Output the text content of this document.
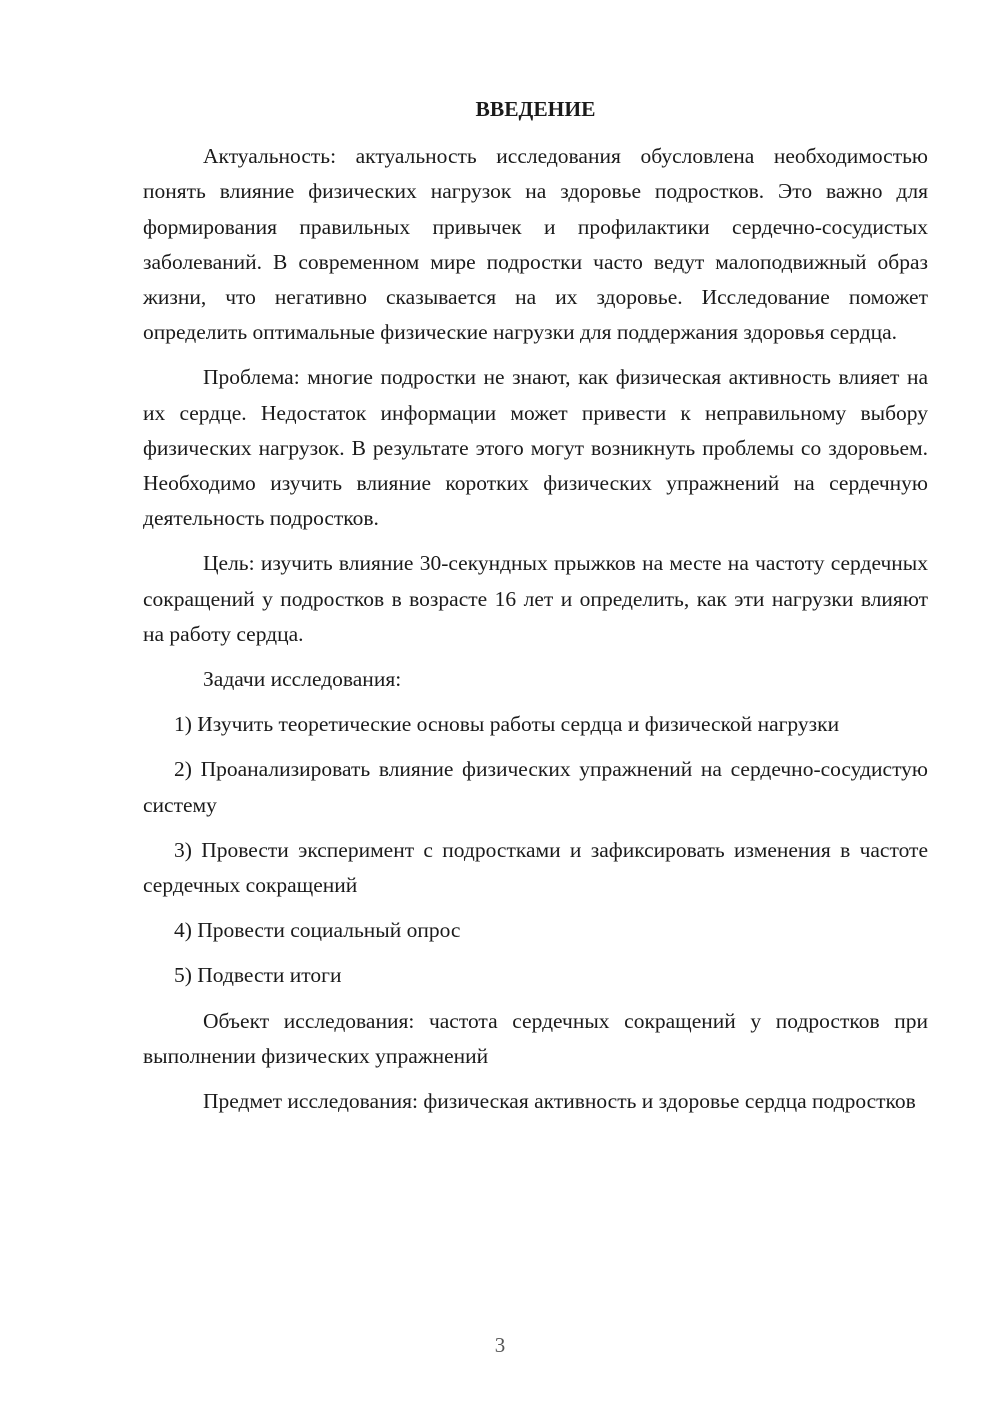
ВВЕДЕНИЕ

Актуальность: актуальность исследования обусловлена необходимостью понять влияние физических нагрузок на здоровье подростков. Это важно для формирования правильных привычек и профилактики сердечно-сосудистых заболеваний. В современном мире подростки часто ведут малоподвижный образ жизни, что негативно сказывается на их здоровье. Исследование поможет определить оптимальные физические нагрузки для поддержания здоровья сердца.

Проблема: многие подростки не знают, как физическая активность влияет на их сердце. Недостаток информации может привести к неправильному выбору физических нагрузок. В результате этого могут возникнуть проблемы со здоровьем. Необходимо изучить влияние коротких физических упражнений на сердечную деятельность подростков.

Цель: изучить влияние 30-секундных прыжков на месте на частоту сердечных сокращений у подростков в возрасте 16 лет и определить, как эти нагрузки влияют на работу сердца.

Задачи исследования:

1) Изучить теоретические основы работы сердца и физической нагрузки

2) Проанализировать влияние физических упражнений на сердечно-сосудистую систему

3) Провести эксперимент с подростками и зафиксировать изменения в частоте сердечных сокращений

4) Провести социальный опрос

5) Подвести итоги

Объект исследования: частота сердечных сокращений у подростков при выполнении физических упражнений

Предмет исследования: физическая активность и здоровье сердца подростков

3
